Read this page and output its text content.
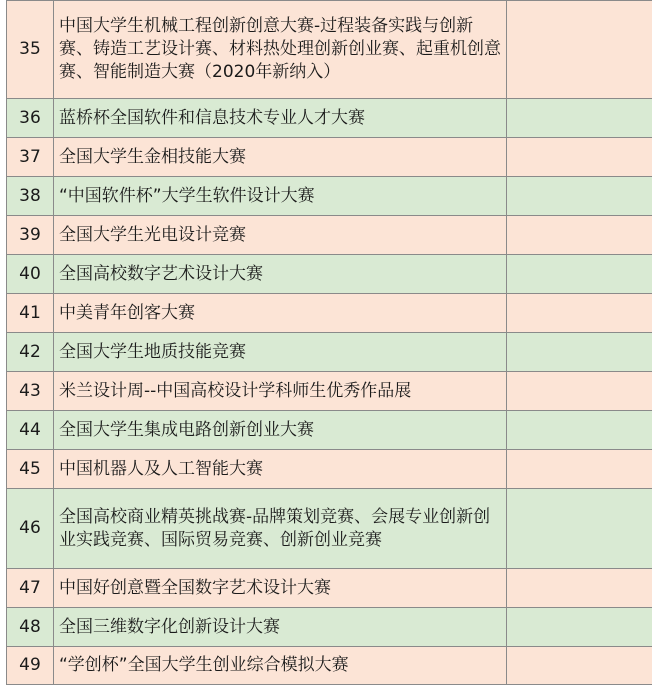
35	中国大学生机械工程创新创意大赛-过程装备实践与创新赛、铸造工艺设计赛、材料热处理创新创业赛、起重机创意赛、智能制造大赛（2020年新纳入）	
36	蓝桥杯全国软件和信息技术专业人才大赛	
37	全国大学生金相技能大赛	
38	“中国软件杯”大学生软件设计大赛	
39	全国大学生光电设计竞赛	
40	全国高校数字艺术设计大赛	
41	中美青年创客大赛	
42	全国大学生地质技能竞赛	
43	米兰设计周--中国高校设计学科师生优秀作品展	
44	全国大学生集成电路创新创业大赛	
45	中国机器人及人工智能大赛	
46	全国高校商业精英挑战赛-品牌策划竞赛、会展专业创新创业实践竞赛、国际贸易竞赛、创新创业竞赛	
47	中国好创意暨全国数字艺术设计大赛	
48	全国三维数字化创新设计大赛	
49	“学创杯”全国大学生创业综合模拟大赛	
